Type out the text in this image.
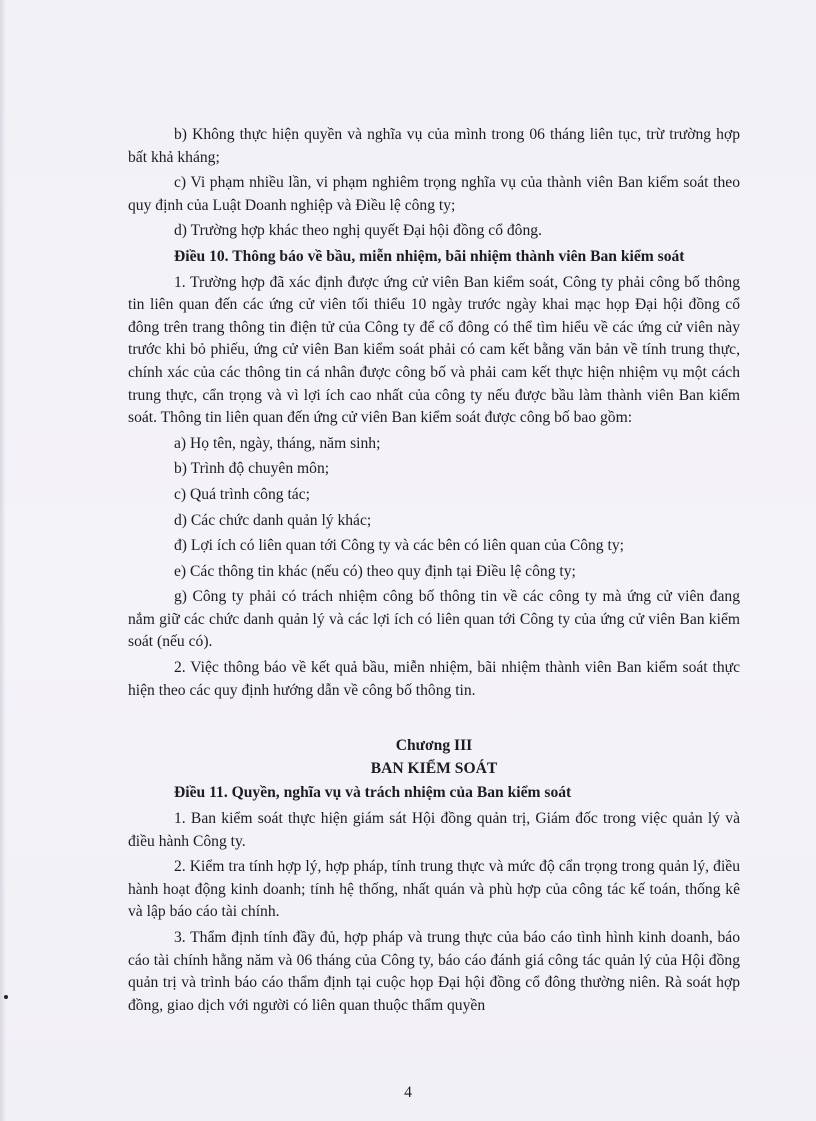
b) Không thực hiện quyền và nghĩa vụ của mình trong 06 tháng liên tục, trừ trường hợp bất khả kháng;

c) Vi phạm nhiều lần, vi phạm nghiêm trọng nghĩa vụ của thành viên Ban kiểm soát theo quy định của Luật Doanh nghiệp và Điều lệ công ty;

d) Trường hợp khác theo nghị quyết Đại hội đồng cổ đông.

Điều 10. Thông báo về bầu, miễn nhiệm, bãi nhiệm thành viên Ban kiểm soát

1. Trường hợp đã xác định được ứng cử viên Ban kiểm soát, Công ty phải công bố thông tin liên quan đến các ứng cử viên tối thiểu 10 ngày trước ngày khai mạc họp Đại hội đồng cổ đông trên trang thông tin điện tử của Công ty để cổ đông có thể tìm hiểu về các ứng cử viên này trước khi bỏ phiếu, ứng cử viên Ban kiểm soát phải có cam kết bằng văn bản về tính trung thực, chính xác của các thông tin cá nhân được công bố và phải cam kết thực hiện nhiệm vụ một cách trung thực, cẩn trọng và vì lợi ích cao nhất của công ty nếu được bầu làm thành viên Ban kiểm soát. Thông tin liên quan đến ứng cử viên Ban kiểm soát được công bố bao gồm:

a) Họ tên, ngày, tháng, năm sinh;

b) Trình độ chuyên môn;

c) Quá trình công tác;

d) Các chức danh quản lý khác;

đ) Lợi ích có liên quan tới Công ty và các bên có liên quan của Công ty;

e) Các thông tin khác (nếu có) theo quy định tại Điều lệ công ty;

g) Công ty phải có trách nhiệm công bố thông tin về các công ty mà ứng cử viên đang nắm giữ các chức danh quản lý và các lợi ích có liên quan tới Công ty của ứng cử viên Ban kiểm soát (nếu có).

2. Việc thông báo về kết quả bầu, miễn nhiệm, bãi nhiệm thành viên Ban kiểm soát thực hiện theo các quy định hướng dẫn về công bố thông tin.

Chương III

BAN KIỂM SOÁT

Điều 11. Quyền, nghĩa vụ và trách nhiệm của Ban kiểm soát

1. Ban kiểm soát thực hiện giám sát Hội đồng quản trị, Giám đốc trong việc quản lý và điều hành Công ty.

2. Kiểm tra tính hợp lý, hợp pháp, tính trung thực và mức độ cẩn trọng trong quản lý, điều hành hoạt động kinh doanh; tính hệ thống, nhất quán và phù hợp của công tác kế toán, thống kê và lập báo cáo tài chính.

3. Thẩm định tính đầy đủ, hợp pháp và trung thực của báo cáo tình hình kinh doanh, báo cáo tài chính hằng năm và 06 tháng của Công ty, báo cáo đánh giá công tác quản lý của Hội đồng quản trị và trình báo cáo thẩm định tại cuộc họp Đại hội đồng cổ đông thường niên. Rà soát hợp đồng, giao dịch với người có liên quan thuộc thẩm quyền

4
